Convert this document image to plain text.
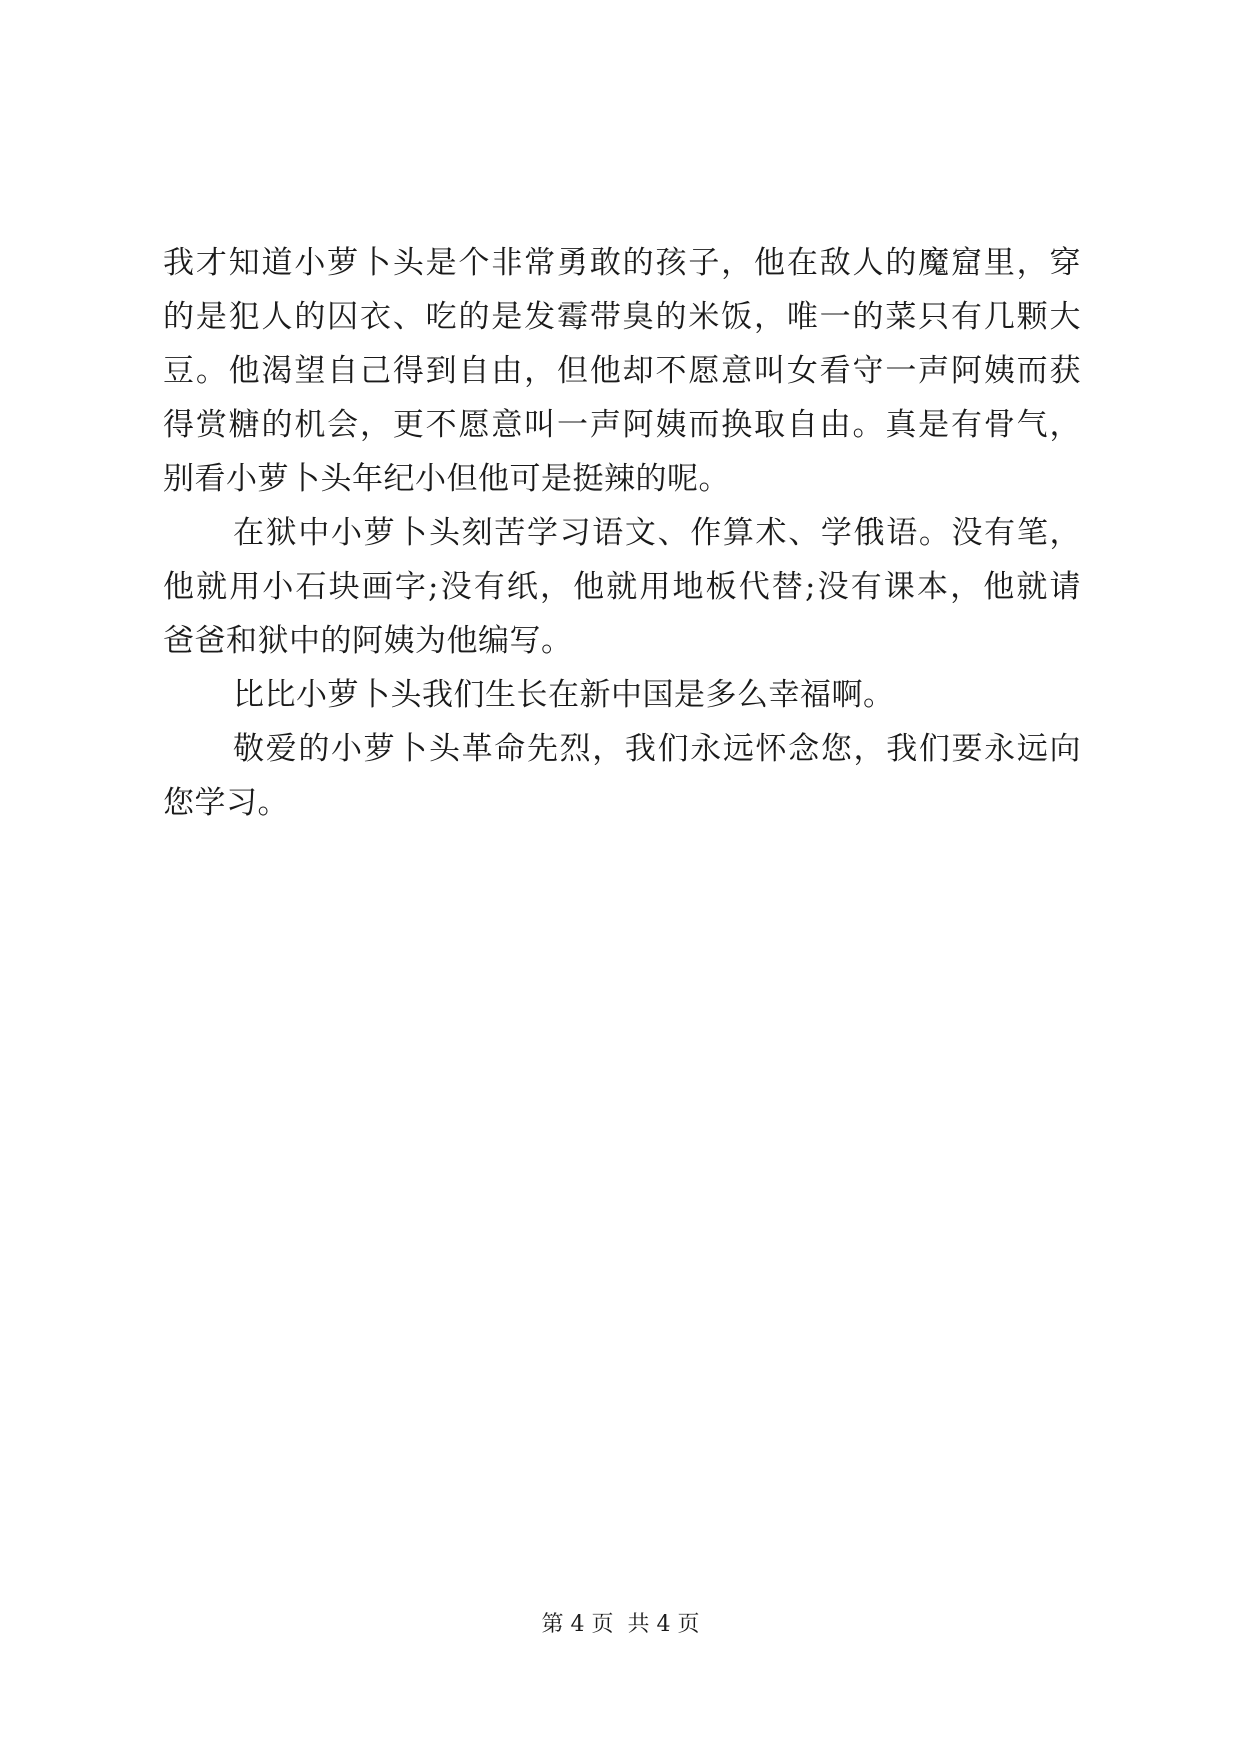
我才知道小萝卜头是个非常勇敢的孩子，他在敌人的魔窟里，穿
的是犯人的囚衣、吃的是发霉带臭的米饭，唯一的菜只有几颗大
豆。他渴望自己得到自由，但他却不愿意叫女看守一声阿姨而获
得赏糖的机会，更不愿意叫一声阿姨而换取自由。真是有骨气，
别看小萝卜头年纪小但他可是挺辣的呢。
在狱中小萝卜头刻苦学习语文、作算术、学俄语。没有笔，
他就用小石块画字;没有纸，他就用地板代替;没有课本，他就请
爸爸和狱中的阿姨为他编写。
比比小萝卜头我们生长在新中国是多么幸福啊。
敬爱的小萝卜头革命先烈，我们永远怀念您，我们要永远向
您学习。
第 4 页 共 4 页
